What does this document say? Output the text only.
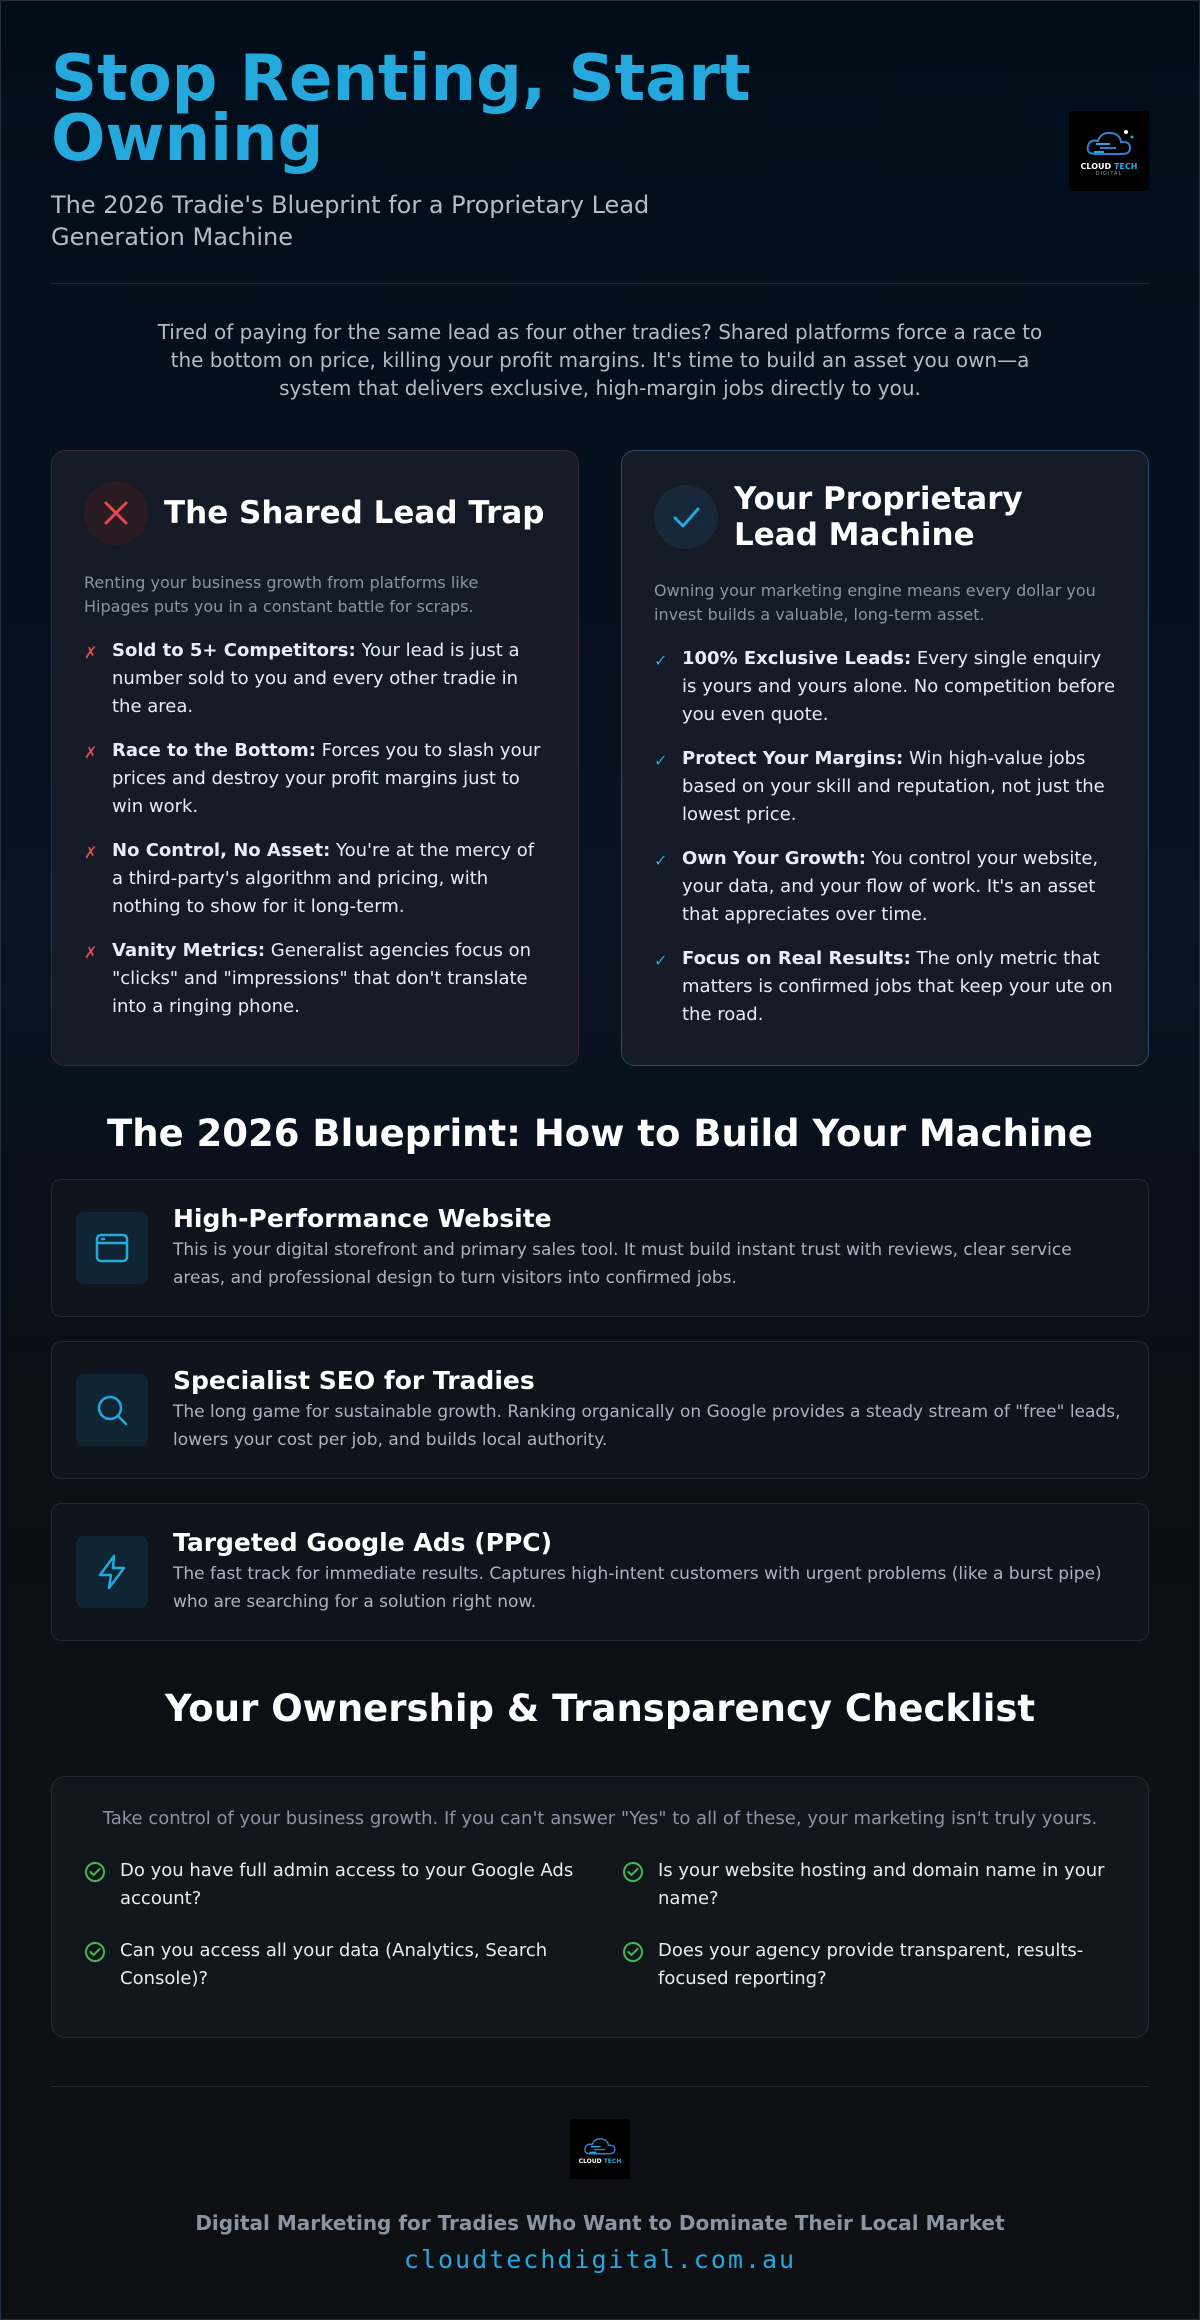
Stop Renting, Start Owning

The 2026 Tradie's Blueprint for a Proprietary Lead Generation Machine

CLOUD TECH
DIGITAL

Tired of paying for the same lead as four other tradies? Shared platforms force a race to the bottom on price, killing your profit margins. It's time to build an asset you own—a system that delivers exclusive, high-margin jobs directly to you.

The Shared Lead Trap

Renting your business growth from platforms like Hipages puts you in a constant battle for scraps.

✗ Sold to 5+ Competitors: Your lead is just a number sold to you and every other tradie in the area.
✗ Race to the Bottom: Forces you to slash your prices and destroy your profit margins just to win work.
✗ No Control, No Asset: You're at the mercy of a third-party's algorithm and pricing, with nothing to show for it long-term.
✗ Vanity Metrics: Generalist agencies focus on "clicks" and "impressions" that don't translate into a ringing phone.
Your Proprietary Lead Machine

Owning your marketing engine means every dollar you invest builds a valuable, long-term asset.

✓ 100% Exclusive Leads: Every single enquiry is yours and yours alone. No competition before you even quote.
✓ Protect Your Margins: Win high-value jobs based on your skill and reputation, not just the lowest price.
✓ Own Your Growth: You control your website, your data, and your flow of work. It's an asset that appreciates over time.
✓ Focus on Real Results: The only metric that matters is confirmed jobs that keep your ute on the road.
The 2026 Blueprint: How to Build Your Machine
High-Performance Website

This is your digital storefront and primary sales tool. It must build instant trust with reviews, clear service areas, and professional design to turn visitors into confirmed jobs.

Specialist SEO for Tradies

The long game for sustainable growth. Ranking organically on Google provides a steady stream of "free" leads, lowers your cost per job, and builds local authority.

Targeted Google Ads (PPC)

The fast track for immediate results. Captures high-intent customers with urgent problems (like a burst pipe) who are searching for a solution right now.

Your Ownership & Transparency Checklist

Take control of your business growth. If you can't answer "Yes" to all of these, your marketing isn't truly yours.

Do you have full admin access to your Google Ads account?
Is your website hosting and domain name in your name?
Can you access all your data (Analytics, Search Console)?
Does your agency provide transparent, results-focused reporting?
CLOUD TECH

Digital Marketing for Tradies Who Want to Dominate Their Local Market

cloudtechdigital.com.au
